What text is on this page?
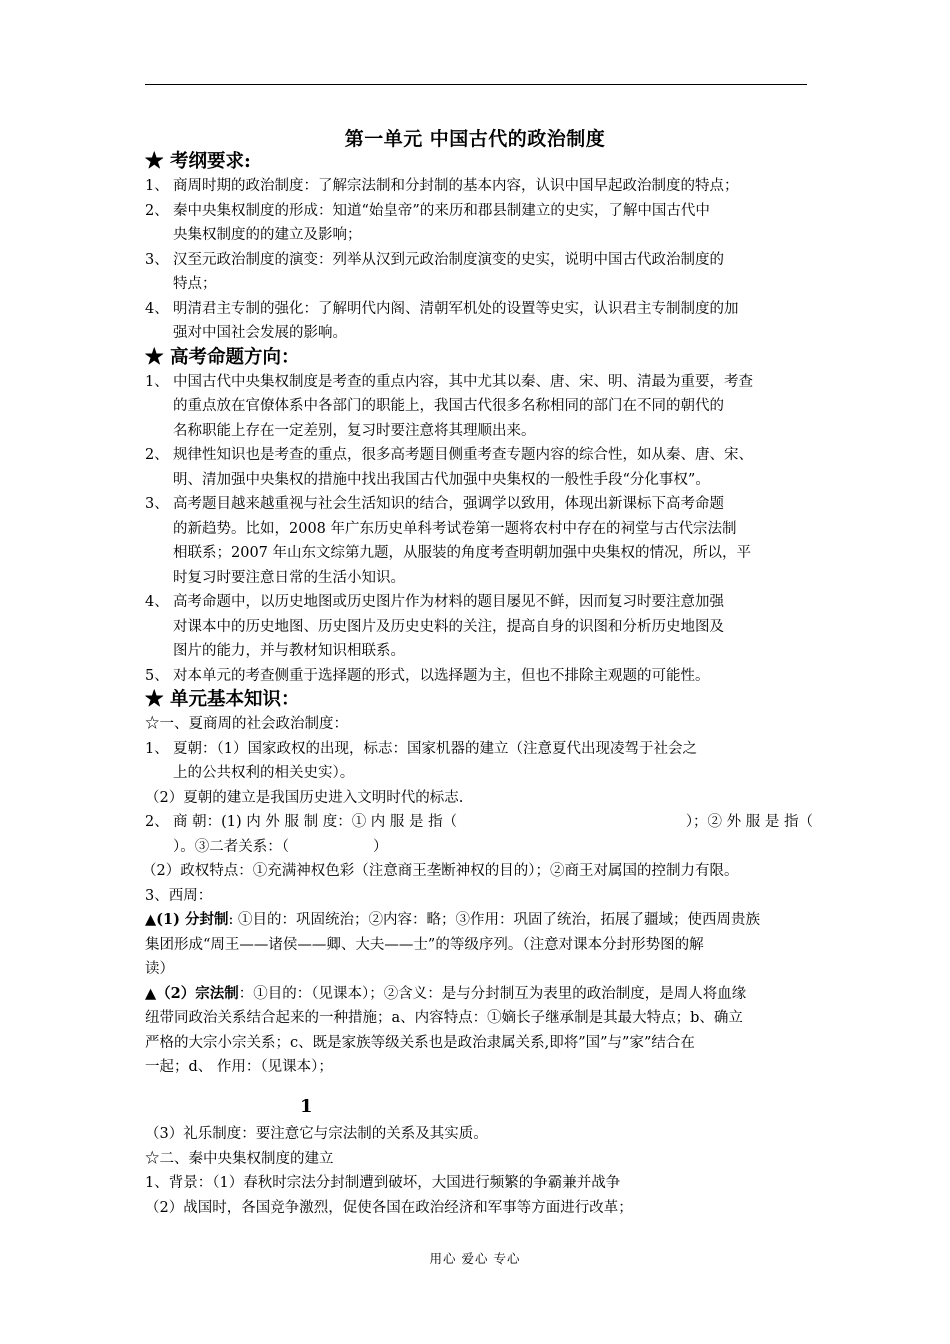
第一单元 中国古代的政治制度
★ 考纲要求:
1、 商周时期的政治制度：了解宗法制和分封制的基本内容，认识中国早起政治制度的特点；
2、 秦中央集权制度的形成：知道“始皇帝”的来历和郡县制建立的史实，了解中国古代中
央集权制度的的建立及影响；
3、 汉至元政治制度的演变：列举从汉到元政治制度演变的史实，说明中国古代政治制度的
特点；
4、 明清君主专制的强化：了解明代内阁、清朝军机处的设置等史实，认识君主专制制度的加
强对中国社会发展的影响。
★ 高考命题方向：
1、 中国古代中央集权制度是考查的重点内容，其中尤其以秦、唐、宋、明、清最为重要，考查
的重点放在官僚体系中各部门的职能上，我国古代很多名称相同的部门在不同的朝代的
名称职能上存在一定差别，复习时要注意将其理顺出来。
2、 规律性知识也是考查的重点，很多高考题目侧重考查专题内容的综合性，如从秦、唐、宋、
明、清加强中央集权的措施中找出我国古代加强中央集权的一般性手段“分化事权”。
3、 高考题目越来越重视与社会生活知识的结合，强调学以致用，体现出新课标下高考命题
的新趋势。比如，2008 年广东历史单科考试卷第一题将农村中存在的祠堂与古代宗法制
相联系；2007 年山东文综第九题，从服装的角度考查明朝加强中央集权的情况，所以，平
时复习时要注意日常的生活小知识。
4、 高考命题中，以历史地图或历史图片作为材料的题目屡见不鲜，因而复习时要注意加强
对课本中的历史地图、历史图片及历史史料的关注，提高自身的识图和分析历史地图及
图片的能力，并与教材知识相联系。
5、 对本单元的考查侧重于选择题的形式，以选择题为主，但也不排除主观题的可能性。
★ 单元基本知识：
☆一、夏商周的社会政治制度：
1、 夏朝：（1）国家政权的出现，标志：国家机器的建立（注意夏代出现凌驾于社会之
上的公共权利的相关史实）。
（2）夏朝的建立是我国历史进入文明时代的标志.
2、 商 朝：(1) 内 外 服 制 度：① 内 服 是 指（	）；② 外 服 是 指（
）。③二者关系：（	）
（2）政权特点：①充满神权色彩（注意商王垄断神权的目的）；②商王对属国的控制力有限。
3、西周：
▲(1) 分封制: ①目的：巩固统治；②内容：略；③作用：巩固了统治，拓展了疆域；使西周贵族
集团形成“周王——诸侯——卿、大夫——士”的等级序列。（注意对课本分封形势图的解
读）
▲（2）宗法制：①目的：（见课本）；②含义：是与分封制互为表里的政治制度，是周人将血缘
纽带同政治关系结合起来的一种措施；a、内容特点：①嫡长子继承制是其最大特点；b、确立
严格的大宗小宗关系；c、既是家族等级关系也是政治隶属关系,即将”国”与”家”结合在
一起；d、 作用：（见课本）；
1
（3）礼乐制度：要注意它与宗法制的关系及其实质。
☆二、秦中央集权制度的建立
1、背景：（1）春秋时宗法分封制遭到破坏，大国进行频繁的争霸兼并战争
（2）战国时，各国竞争激烈，促使各国在政治经济和军事等方面进行改革；
用心 爱心 专心
